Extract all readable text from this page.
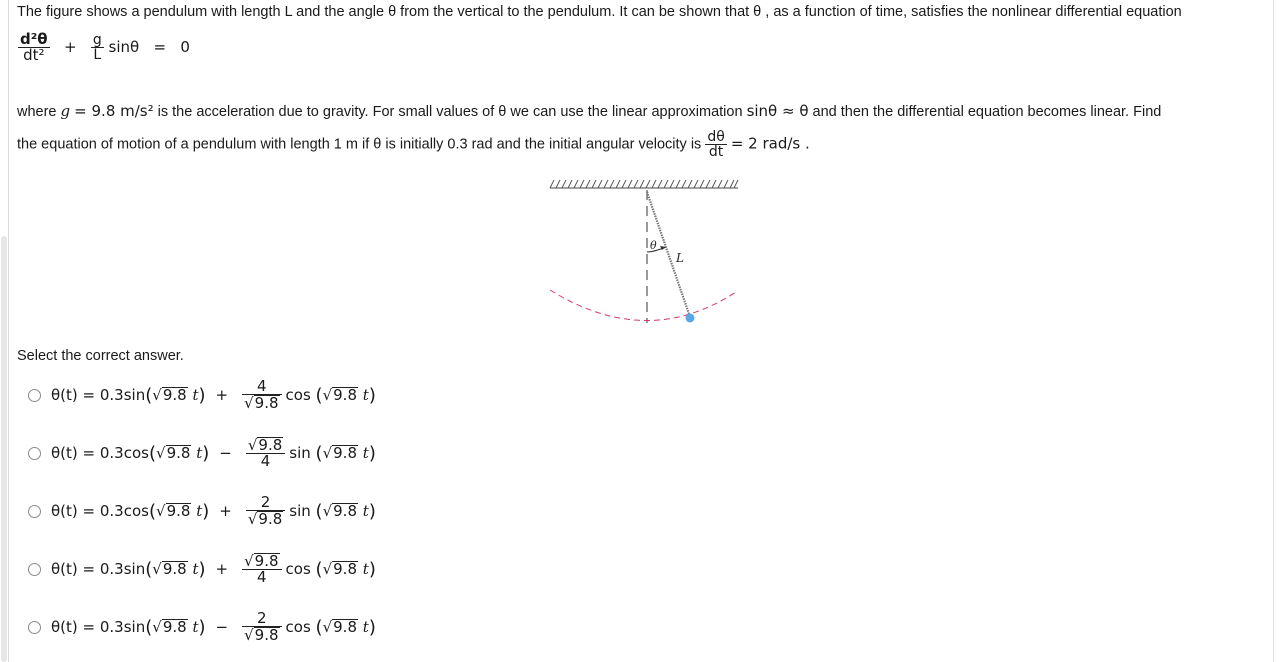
The figure shows a pendulum with length L and the angle θ from the vertical to the pendulum. It can be shown that θ , as a function of time, satisfies the nonlinear differential equation
$\frac{\text{d²θ}}{\text{dt²}} + \frac{g}{L}$ sinθ = 0
where g = 9.8 m/s² is the acceleration due to gravity. For small values of θ we can use the linear approximation sinθ ≈ θ and then the differential equation becomes linear. Find
the equation of motion of a pendulum with length 1 m if θ is initially 0.3 rad and the initial angular velocity is $\frac{d\theta}{dt} = 2$ rad/s .
θ
L
Select the correct answer.
θ(t) = 0.3sin ( √ 9.8
t ) + $\frac{4}{√9.8}$ cos
( √ 9.8
t )
θ(t) = 0.3cos ( √ 9.8
t ) − $\frac{√9.8}{4}$ sin
( √ 9.8
t )
θ(t) = 0.3cos ( √ 9.8
t ) + $\frac{2}{√9.8}$ sin
( √ 9.8
t )
θ(t) = 0.3sin ( √ 9.8
t ) + $\frac{√9.8}{4}$ cos
( √ 9.8
t )
θ(t) = 0.3sin ( √ 9.8
t ) − $\frac{2}{√9.8}$ cos
( √ 9.8
t )
